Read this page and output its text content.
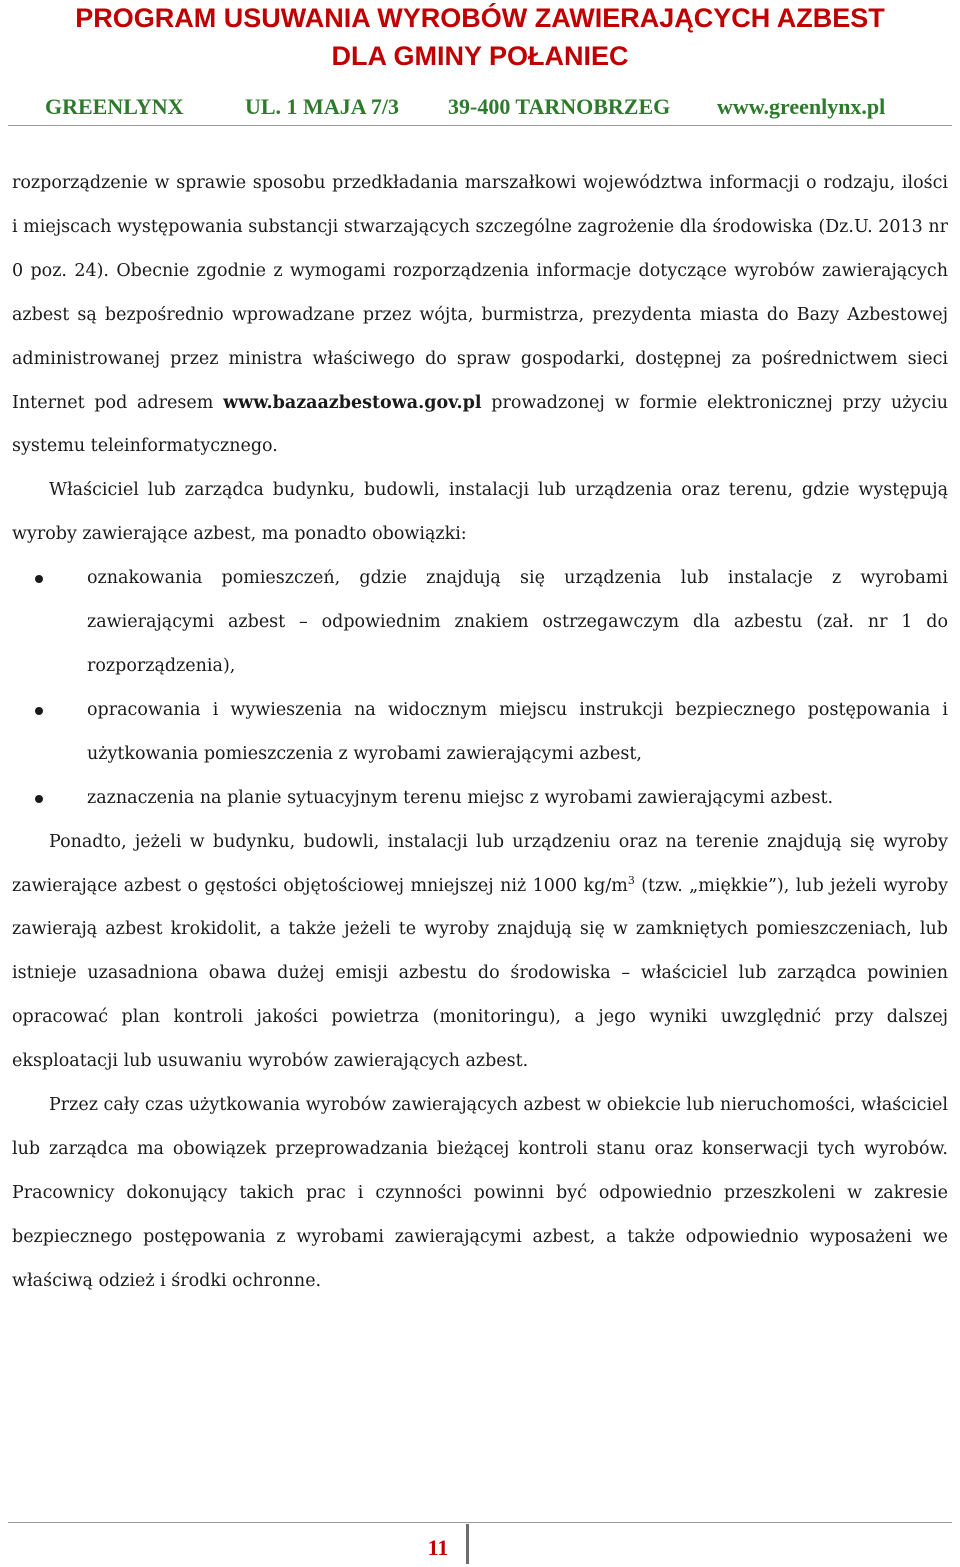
PROGRAM USUWANIA WYROBÓW ZAWIERAJĄCYCH AZBEST
DLA GMINY POŁANIEC
GREENLYNX	UL. 1 MAJA 7/3 39-400 TARNOBRZEG www.greenlynx.pl

rozporządzenie w sprawie sposobu przedkładania marszałkowi województwa informacji o rodzaju, ilości i miejscach występowania substancji stwarzających szczególne zagrożenie dla środowiska (Dz.U. 2013 nr 0 poz. 24). Obecnie zgodnie z wymogami rozporządzenia informacje dotyczące wyrobów zawierających azbest są bezpośrednio wprowadzane przez wójta, burmistrza, prezydenta miasta do Bazy Azbestowej administrowanej przez ministra właściwego do spraw gospodarki, dostępnej za pośrednictwem sieci Internet pod adresem www.bazaazbestowa.gov.pl prowadzonej w formie elektronicznej przy użyciu systemu teleinformatycznego.

Właściciel lub zarządca budynku, budowli, instalacji lub urządzenia oraz terenu, gdzie występują wyroby zawierające azbest, ma ponadto obowiązki:

oznakowania pomieszczeń, gdzie znajdują się urządzenia lub instalacje z wyrobami zawierającymi azbest – odpowiednim znakiem ostrzegawczym dla azbestu (zał. nr 1 do rozporządzenia),
opracowania i wywieszenia na widocznym miejscu instrukcji bezpiecznego postępowania i użytkowania pomieszczenia z wyrobami zawierającymi azbest,
zaznaczenia na planie sytuacyjnym terenu miejsc z wyrobami zawierającymi azbest.

Ponadto, jeżeli w budynku, budowli, instalacji lub urządzeniu oraz na terenie znajdują się wyroby zawierające azbest o gęstości objętościowej mniejszej niż 1000 $kg/m^3$ (tzw. „miękkie”), lub jeżeli wyroby zawierają azbest krokidolit, a także jeżeli te wyroby znajdują się w zamkniętych pomieszczeniach, lub istnieje uzasadniona obawa dużej emisji azbestu do środowiska – właściciel lub zarządca powinien opracować plan kontroli jakości powietrza (monitoringu), a jego wyniki uwzględnić przy dalszej eksploatacji lub usuwaniu wyrobów zawierających azbest.

Przez cały czas użytkowania wyrobów zawierających azbest w obiekcie lub nieruchomości, właściciel lub zarządca ma obowiązek przeprowadzania bieżącej kontroli stanu oraz konserwacji tych wyrobów. Pracownicy dokonujący takich prac i czynności powinni być odpowiednio przeszkoleni w zakresie bezpiecznego postępowania z wyrobami zawierającymi azbest, a także odpowiednio wyposażeni we właściwą odzież i środki ochronne.

11
